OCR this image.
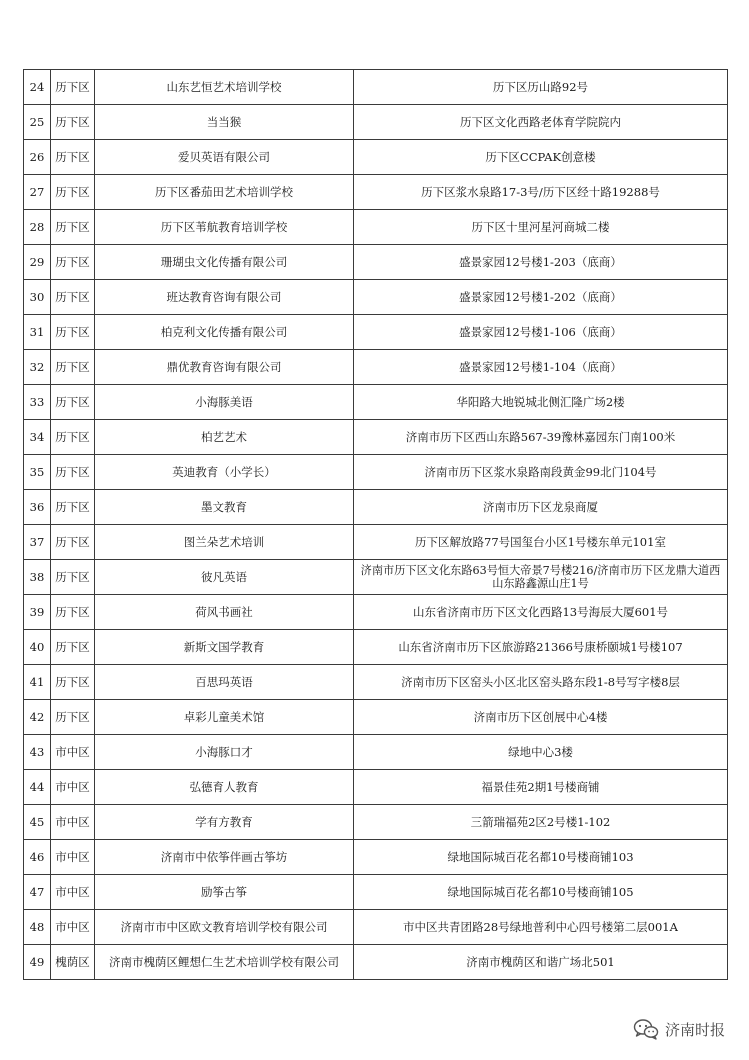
24	历下区	山东艺恒艺术培训学校	历下区历山路92号
25	历下区	当当猴	历下区文化西路老体育学院院内
26	历下区	爱贝英语有限公司	历下区CCPAK创意楼
27	历下区	历下区番茄田艺术培训学校	历下区浆水泉路17-3号/历下区经十路19288号
28	历下区	历下区苇航教育培训学校	历下区十里河星河商城二楼
29	历下区	珊瑚虫文化传播有限公司	盛景家园12号楼1-203（底商）
30	历下区	班达教育咨询有限公司	盛景家园12号楼1-202（底商）
31	历下区	柏克利文化传播有限公司	盛景家园12号楼1-106（底商）
32	历下区	鼎优教育咨询有限公司	盛景家园12号楼1-104（底商）
33	历下区	小海豚美语	华阳路大地锐城北侧汇隆广场2楼
34	历下区	柏艺艺术	济南市历下区西山东路567-39豫林嘉园东门南100米
35	历下区	英迪教育（小学长）	济南市历下区浆水泉路南段黄金99北门104号
36	历下区	墨文教育	济南市历下区龙泉商厦
37	历下区	图兰朵艺术培训	历下区解放路77号国玺台小区1号楼东单元101室
38	历下区	彼凡英语	济南市历下区文化东路63号恒大帝景7号楼216/济南市历下区龙鼎大道西山东路鑫源山庄1号
39	历下区	荷风书画社	山东省济南市历下区文化西路13号海辰大厦601号
40	历下区	新斯文国学教育	山东省济南市历下区旅游路21366号康桥颐城1号楼107
41	历下区	百思玛英语	济南市历下区窑头小区北区窑头路东段1-8号写字楼8层
42	历下区	卓彩儿童美术馆	济南市历下区创展中心4楼
43	市中区	小海豚口才	绿地中心3楼
44	市中区	弘德育人教育	福景佳苑2期1号楼商铺
45	市中区	学有方教育	三箭瑞福苑2区2号楼1-102
46	市中区	济南市中依筝伴画古筝坊	绿地国际城百花名都10号楼商铺103
47	市中区	励筝古筝	绿地国际城百花名都10号楼商铺105
48	市中区	济南市市中区欧文教育培训学校有限公司	市中区共青团路28号绿地普利中心四号楼第二层001A
49	槐荫区	济南市槐荫区鲤想仁生艺术培训学校有限公司	济南市槐荫区和谐广场北501
济南时报
